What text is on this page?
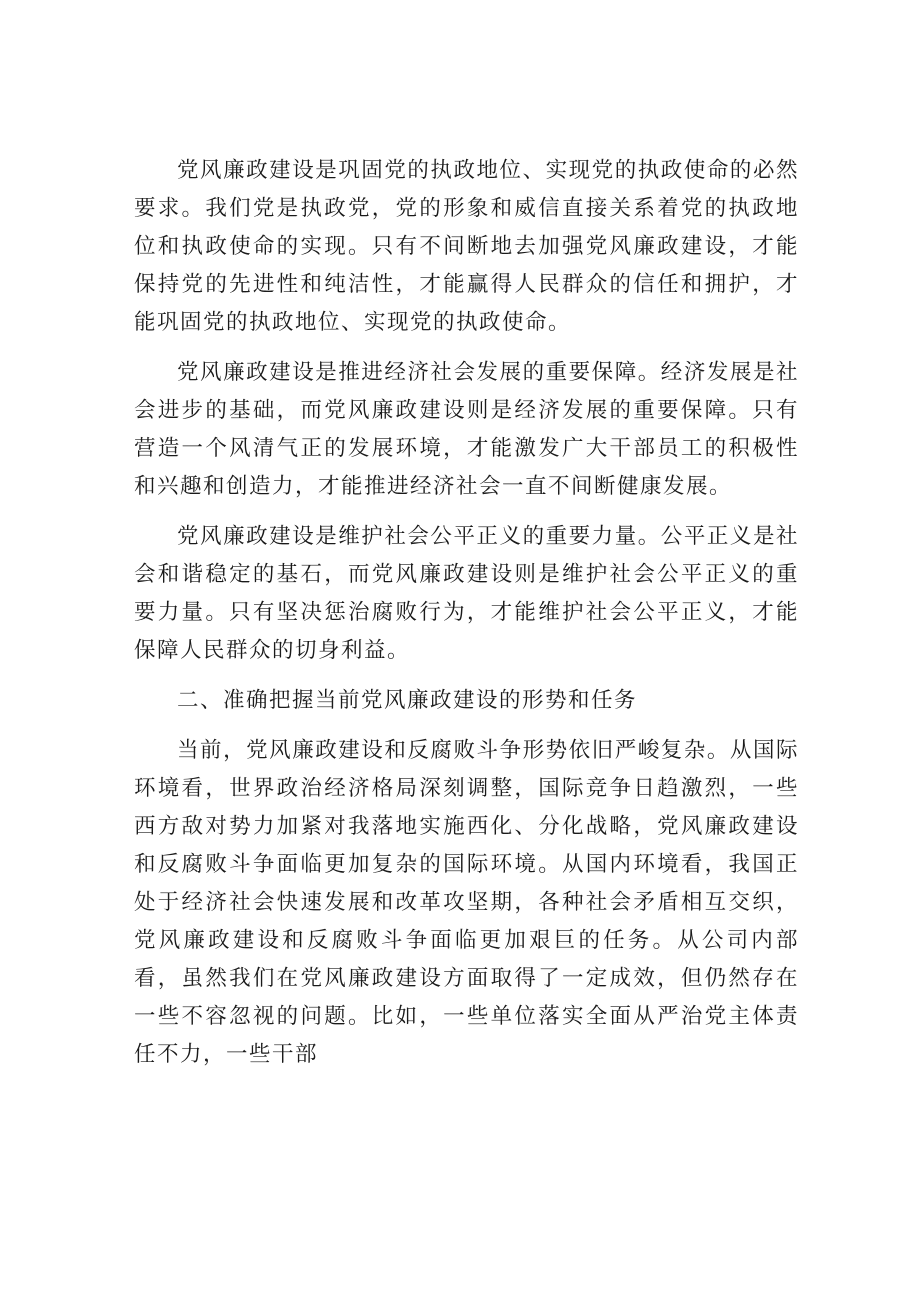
党风廉政建设是巩固党的执政地位、实现党的执政使命的必然要求。我们党是执政党，党的形象和威信直接关系着党的执政地位和执政使命的实现。只有不间断地去加强党风廉政建设，才能保持党的先进性和纯洁性，才能赢得人民群众的信任和拥护，才能巩固党的执政地位、实现党的执政使命。

党风廉政建设是推进经济社会发展的重要保障。经济发展是社会进步的基础，而党风廉政建设则是经济发展的重要保障。只有营造一个风清气正的发展环境，才能激发广大干部员工的积极性和兴趣和创造力，才能推进经济社会一直不间断健康发展。

党风廉政建设是维护社会公平正义的重要力量。公平正义是社会和谐稳定的基石，而党风廉政建设则是维护社会公平正义的重要力量。只有坚决惩治腐败行为，才能维护社会公平正义，才能保障人民群众的切身利益。

二、准确把握当前党风廉政建设的形势和任务

当前，党风廉政建设和反腐败斗争形势依旧严峻复杂。从国际环境看，世界政治经济格局深刻调整，国际竞争日趋激烈，一些西方敌对势力加紧对我落地实施西化、分化战略，党风廉政建设和反腐败斗争面临更加复杂的国际环境。从国内环境看，我国正处于经济社会快速发展和改革攻坚期，各种社会矛盾相互交织，党风廉政建设和反腐败斗争面临更加艰巨的任务。从公司内部看，虽然我们在党风廉政建设方面取得了一定成效，但仍然存在一些不容忽视的问题。比如，一些单位落实全面从严治党主体责任不力，一些干部
